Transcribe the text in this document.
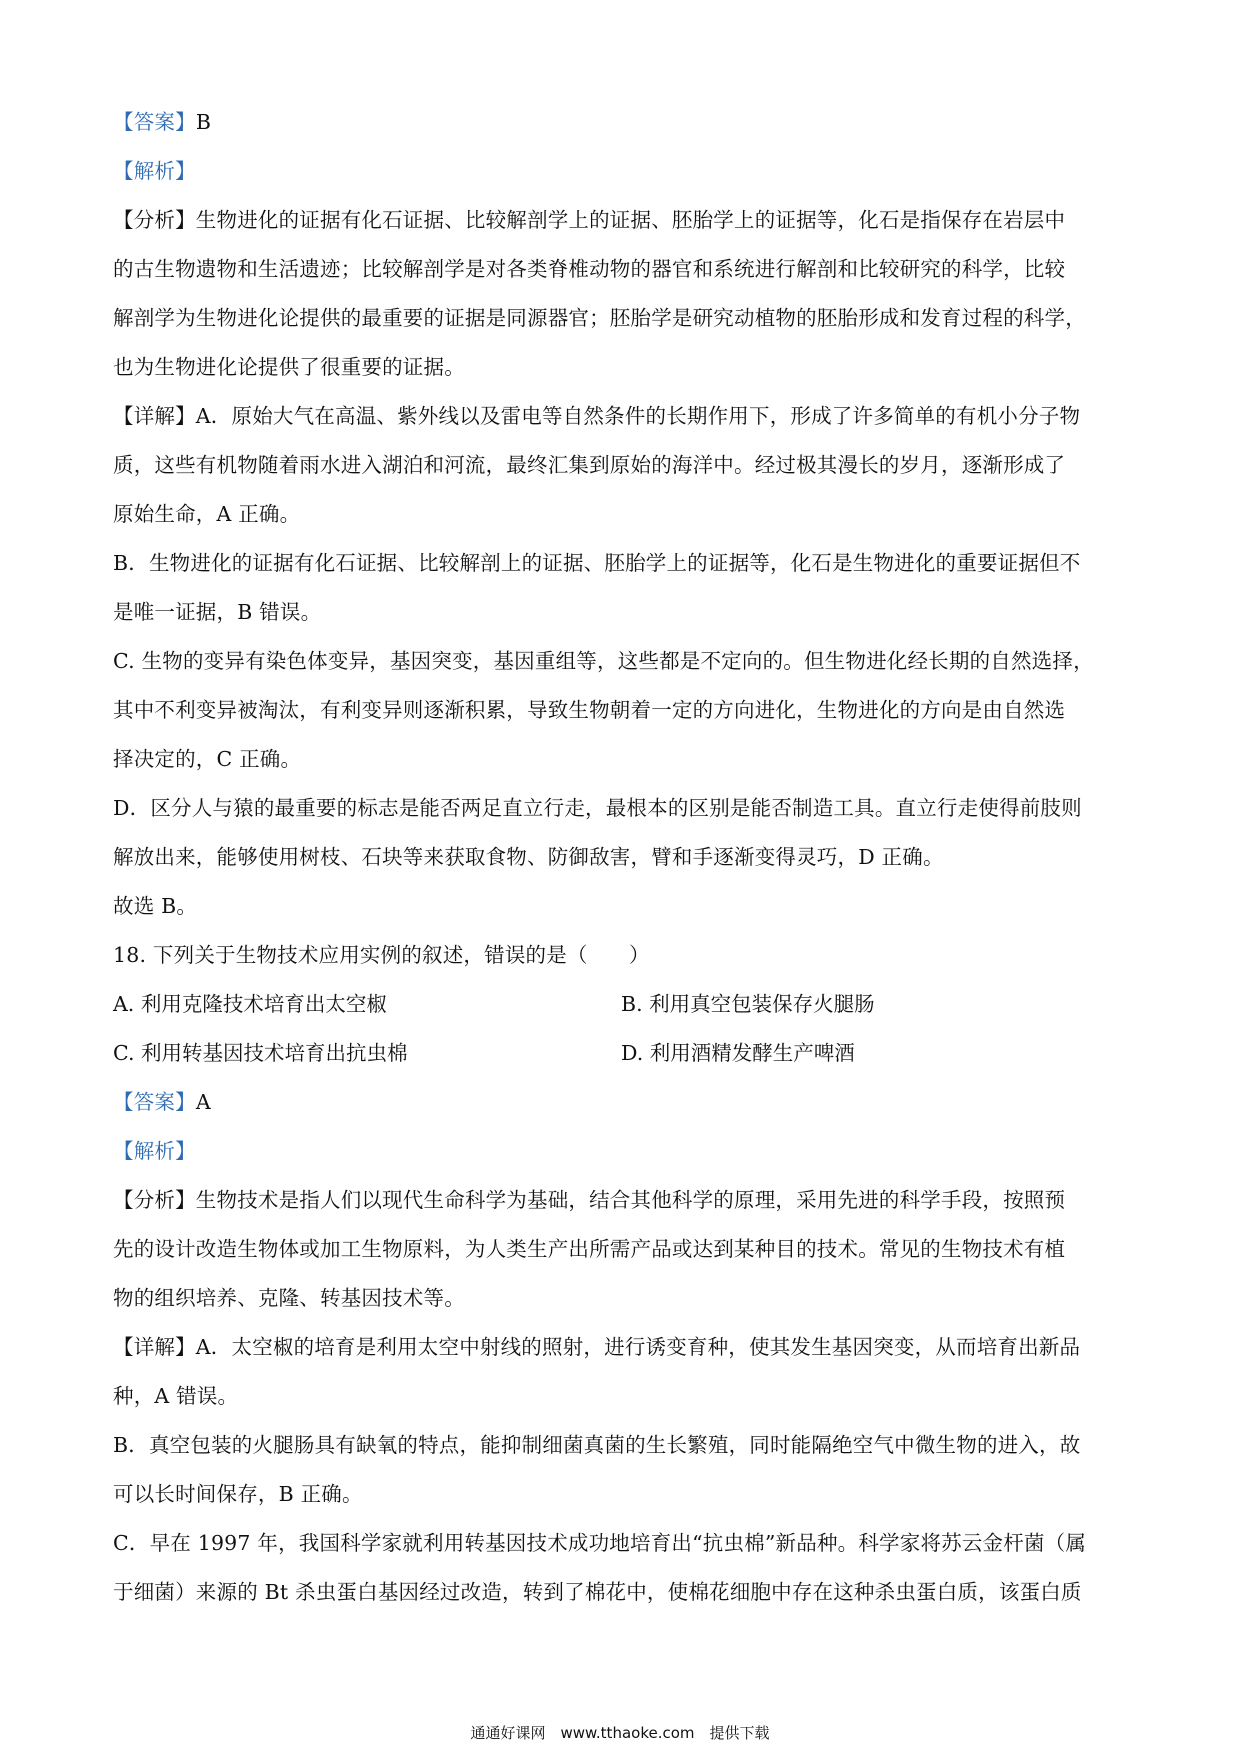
【答案】B
【解析】
【分析】生物进化的证据有化石证据、比较解剖学上的证据、胚胎学上的证据等，化石是指保存在岩层中
的古生物遗物和生活遗迹；比较解剖学是对各类脊椎动物的器官和系统进行解剖和比较研究的科学，比较
解剖学为生物进化论提供的最重要的证据是同源器官；胚胎学是研究动植物的胚胎形成和发育过程的科学，
也为生物进化论提供了很重要的证据。
【详解】A．原始大气在高温、紫外线以及雷电等自然条件的长期作用下，形成了许多简单的有机小分子物
质，这些有机物随着雨水进入湖泊和河流，最终汇集到原始的海洋中。经过极其漫长的岁月，逐渐形成了
原始生命，A 正确。
B．生物进化的证据有化石证据、比较解剖上的证据、胚胎学上的证据等，化石是生物进化的重要证据但不
是唯一证据，B 错误。
C. 生物的变异有染色体变异，基因突变，基因重组等，这些都是不定向的。但生物进化经长期的自然选择，
其中不利变异被淘汰，有利变异则逐渐积累，导致生物朝着一定的方向进化，生物进化的方向是由自然选
择决定的，C 正确。
D．区分人与猿的最重要的标志是能否两足直立行走，最根本的区别是能否制造工具。直立行走使得前肢则
解放出来，能够使用树枝、石块等来获取食物、防御敌害，臂和手逐渐变得灵巧，D 正确。
故选 B。
18. 下列关于生物技术应用实例的叙述，错误的是（　　）
A. 利用克隆技术培育出太空椒	B. 利用真空包装保存火腿肠
C. 利用转基因技术培育出抗虫棉	D. 利用酒精发酵生产啤酒
【答案】A
【解析】
【分析】生物技术是指人们以现代生命科学为基础，结合其他科学的原理，采用先进的科学手段，按照预
先的设计改造生物体或加工生物原料，为人类生产出所需产品或达到某种目的技术。常见的生物技术有植
物的组织培养、克隆、转基因技术等。
【详解】A．太空椒的培育是利用太空中射线的照射，进行诱变育种，使其发生基因突变，从而培育出新品
种，A 错误。
B．真空包装的火腿肠具有缺氧的特点，能抑制细菌真菌的生长繁殖，同时能隔绝空气中微生物的进入，故
可以长时间保存，B 正确。
C．早在 1997 年，我国科学家就利用转基因技术成功地培育出“抗虫棉”新品种。科学家将苏云金杆菌（属
于细菌）来源的 Bt 杀虫蛋白基因经过改造，转到了棉花中，使棉花细胞中存在这种杀虫蛋白质，该蛋白质
通通好课网　www.tthaoke.com　提供下载
